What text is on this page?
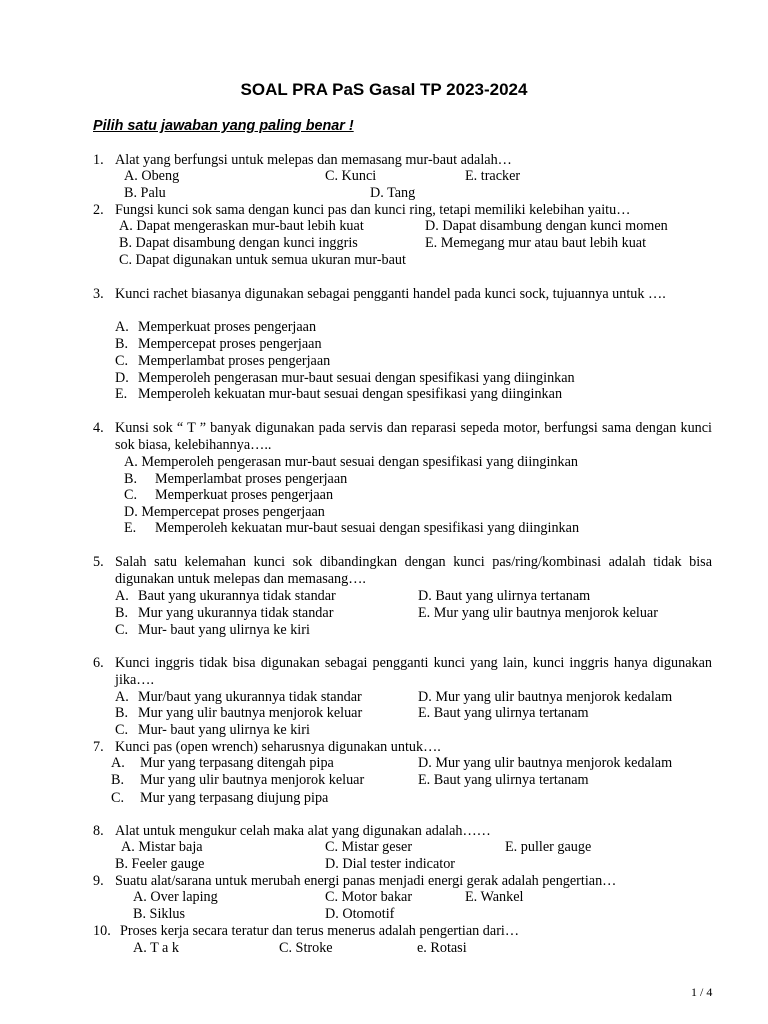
SOAL PRA PaS Gasal TP 2023-2024
Pilih satu jawaban yang paling benar !
1. Alat yang berfungsi untuk melepas dan memasang mur-baut adalah…
A. Obeng	C. Kunci	E. tracker
B. Palu	D. Tang
2. Fungsi kunci sok sama dengan kunci pas dan kunci ring, tetapi memiliki kelebihan yaitu…
A. Dapat mengeraskan mur-baut lebih kuat	D. Dapat disambung dengan kunci momen
B. Dapat disambung dengan kunci inggris	E. Memegang mur atau baut lebih kuat
C. Dapat digunakan untuk semua ukuran mur-baut
3. Kunci rachet biasanya digunakan sebagai pengganti handel pada kunci sock, tujuannya untuk ….
A. Memperkuat proses pengerjaan
B. Mempercepat proses pengerjaan
C. Memperlambat proses pengerjaan
D. Memperoleh pengerasan mur-baut sesuai dengan spesifikasi yang diinginkan
E. Memperoleh kekuatan mur-baut sesuai dengan spesifikasi yang diinginkan
4. Kunsi sok “ T ” banyak digunakan pada servis dan reparasi sepeda motor, berfungsi sama dengan kunci sok biasa, kelebihannya…..
A. Memperoleh pengerasan mur-baut sesuai dengan spesifikasi yang diinginkan
B. Memperlambat proses pengerjaan
C. Memperkuat proses pengerjaan
D. Mempercepat proses pengerjaan
E. Memperoleh kekuatan mur-baut sesuai dengan spesifikasi yang diinginkan
5. Salah satu kelemahan kunci sok dibandingkan dengan kunci pas/ring/kombinasi adalah tidak bisa digunakan untuk melepas dan memasang….
A. Baut yang ukurannya tidak standar	D. Baut yang ulirnya tertanam
B. Mur yang ukurannya tidak standar	E. Mur yang ulir bautnya menjorok keluar
C. Mur- baut yang ulirnya ke kiri
6. Kunci inggris tidak bisa digunakan sebagai pengganti kunci yang lain, kunci inggris hanya digunakan jika….
A. Mur/baut yang ukurannya tidak standar	D. Mur yang ulir bautnya menjorok kedalam
B. Mur yang ulir bautnya menjorok keluar	E. Baut yang ulirnya tertanam
C. Mur- baut yang ulirnya ke kiri
7. Kunci pas (open wrench) seharusnya digunakan untuk….
A. Mur yang terpasang ditengah pipa	D. Mur yang ulir bautnya menjorok kedalam
B. Mur yang ulir bautnya menjorok keluar	E. Baut yang ulirnya tertanam
C. Mur yang terpasang diujung pipa
8. Alat untuk mengukur celah maka alat yang digunakan adalah……
A. Mistar baja	C. Mistar geser	E. puller gauge
B. Feeler gauge	D. Dial tester indicator
9. Suatu alat/sarana untuk merubah energi panas menjadi energi gerak adalah pengertian…
A. Over laping	C. Motor bakar	E. Wankel
B. Siklus	D. Otomotif
10. Proses kerja secara teratur dan terus menerus adalah pengertian dari…
A. T a k	C. Stroke	e. Rotasi
1 / 4
